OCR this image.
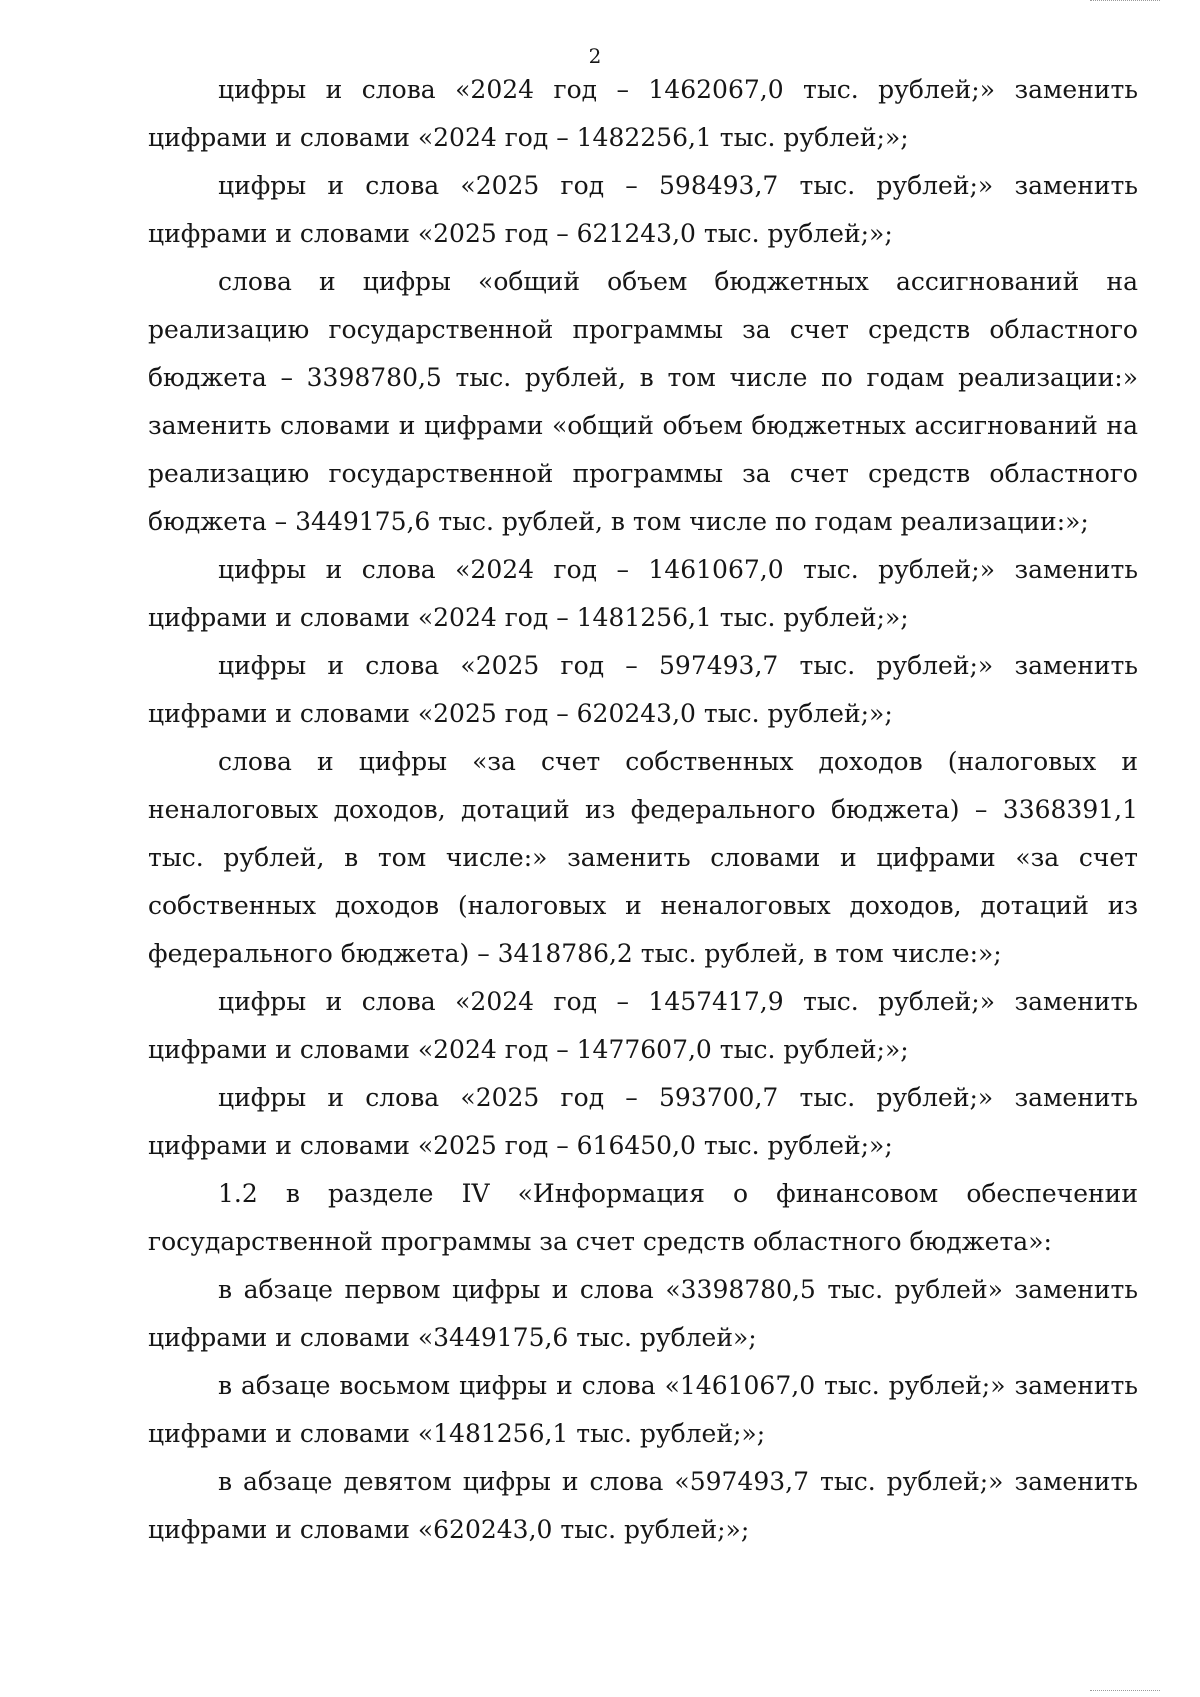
2

цифры и слова «2024 год – 1462067,0 тыс. рублей;» заменить цифрами и словами «2024 год – 1482256,1 тыс. рублей;»;

цифры и слова «2025 год – 598493,7 тыс. рублей;» заменить цифрами и словами «2025 год – 621243,0 тыс. рублей;»;

слова и цифры «общий объем бюджетных ассигнований на реализацию государственной программы за счет средств областного бюджета – 3398780,5 тыс. рублей, в том числе по годам реализации:» заменить словами и цифрами «общий объем бюджетных ассигнований на реализацию государственной программы за счет средств областного бюджета – 3449175,6 тыс. рублей, в том числе по годам реализации:»;

цифры и слова «2024 год – 1461067,0 тыс. рублей;» заменить цифрами и словами «2024 год – 1481256,1 тыс. рублей;»;

цифры и слова «2025 год – 597493,7 тыс. рублей;» заменить цифрами и словами «2025 год – 620243,0 тыс. рублей;»;

слова и цифры «за счет собственных доходов (налоговых и неналоговых доходов, дотаций из федерального бюджета) – 3368391,1 тыс. рублей, в том числе:» заменить словами и цифрами «за счет собственных доходов (налоговых и неналоговых доходов, дотаций из федерального бюджета) – 3418786,2 тыс. рублей, в том числе:»;

цифры и слова «2024 год – 1457417,9 тыс. рублей;» заменить цифрами и словами «2024 год – 1477607,0 тыс. рублей;»;

цифры и слова «2025 год – 593700,7 тыс. рублей;» заменить цифрами и словами «2025 год – 616450,0 тыс. рублей;»;

1.2 в разделе IV «Информация о финансовом обеспечении государственной программы за счет средств областного бюджета»:

в абзаце первом цифры и слова «3398780,5 тыс. рублей» заменить цифрами и словами «3449175,6 тыс. рублей»;

в абзаце восьмом цифры и слова «1461067,0 тыс. рублей;» заменить цифрами и словами «1481256,1 тыс. рублей;»;

в абзаце девятом цифры и слова «597493,7 тыс. рублей;» заменить цифрами и словами «620243,0 тыс. рублей;»;
